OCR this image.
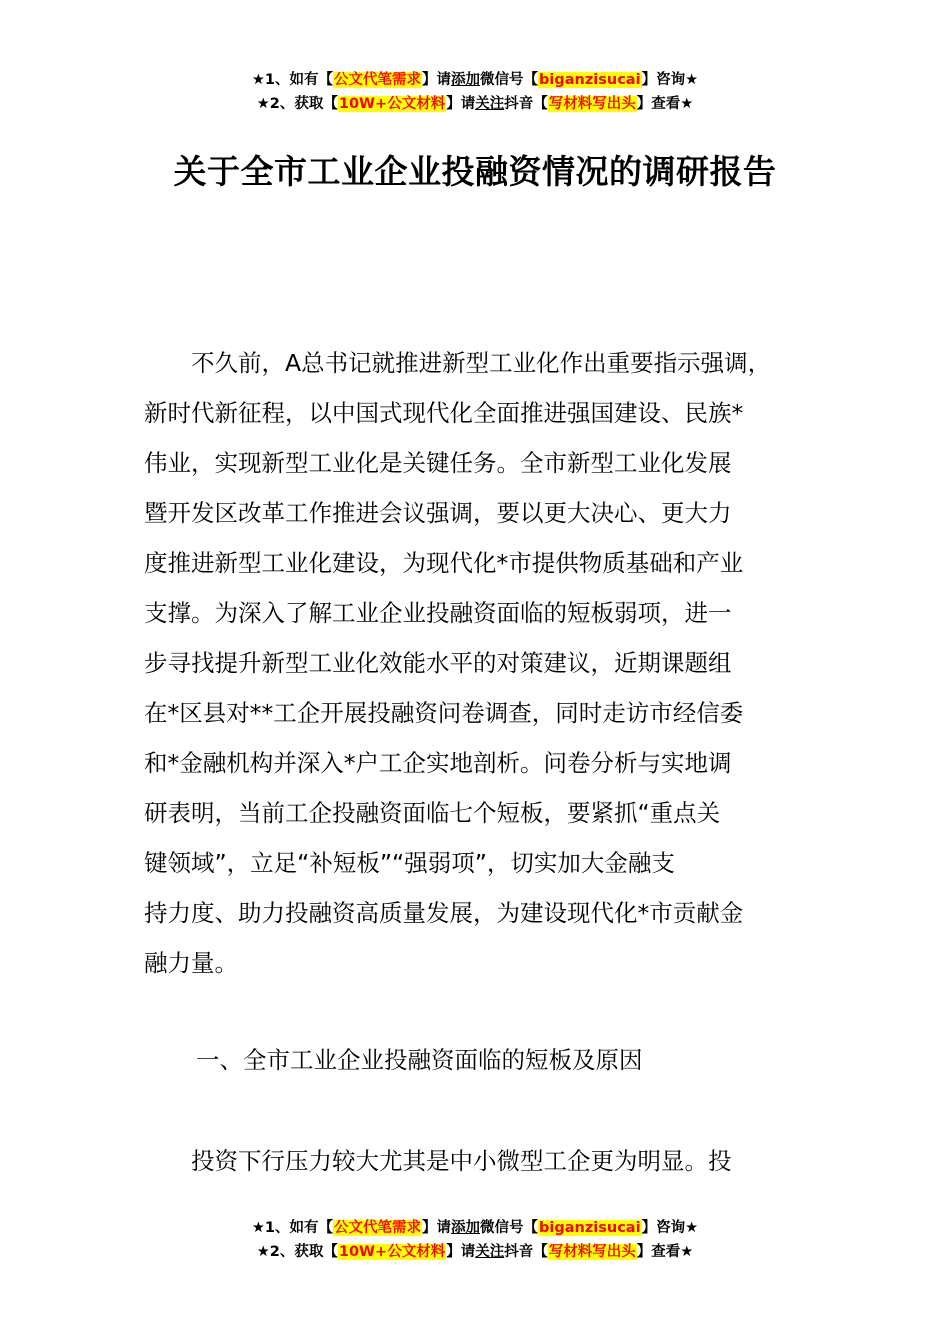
★1、如有【公文代笔需求】请添加微信号【biganzisucai】咨询★
★2、获取【10W+公文材料】请关注抖音【写材料写出头】查看★
关于全市工业企业投融资情况的调研报告
　　不久前，A总书记就推进新型工业化作出重要指示强调，
新时代新征程，以中国式现代化全面推进强国建设、民族*
伟业，实现新型工业化是关键任务。全市新型工业化发展
暨开发区改革工作推进会议强调，要以更大决心、更大力
度推进新型工业化建设，为现代化*市提供物质基础和产业
支撑。为深入了解工业企业投融资面临的短板弱项，进一
步寻找提升新型工业化效能水平的对策建议，近期课题组
在*区县对**工企开展投融资问卷调查，同时走访市经信委
和*金融机构并深入*户工企实地剖析。问卷分析与实地调
研表明，当前工企投融资面临七个短板，要紧抓“重点关
键领域”，立足“补短板”“强弱项”，切实加大金融支
持力度、助力投融资高质量发展，为建设现代化*市贡献金
融力量。
一、全市工业企业投融资面临的短板及原因
　　投资下行压力较大尤其是中小微型工企更为明显。投
★1、如有【公文代笔需求】请添加微信号【biganzisucai】咨询★
★2、获取【10W+公文材料】请关注抖音【写材料写出头】查看★
